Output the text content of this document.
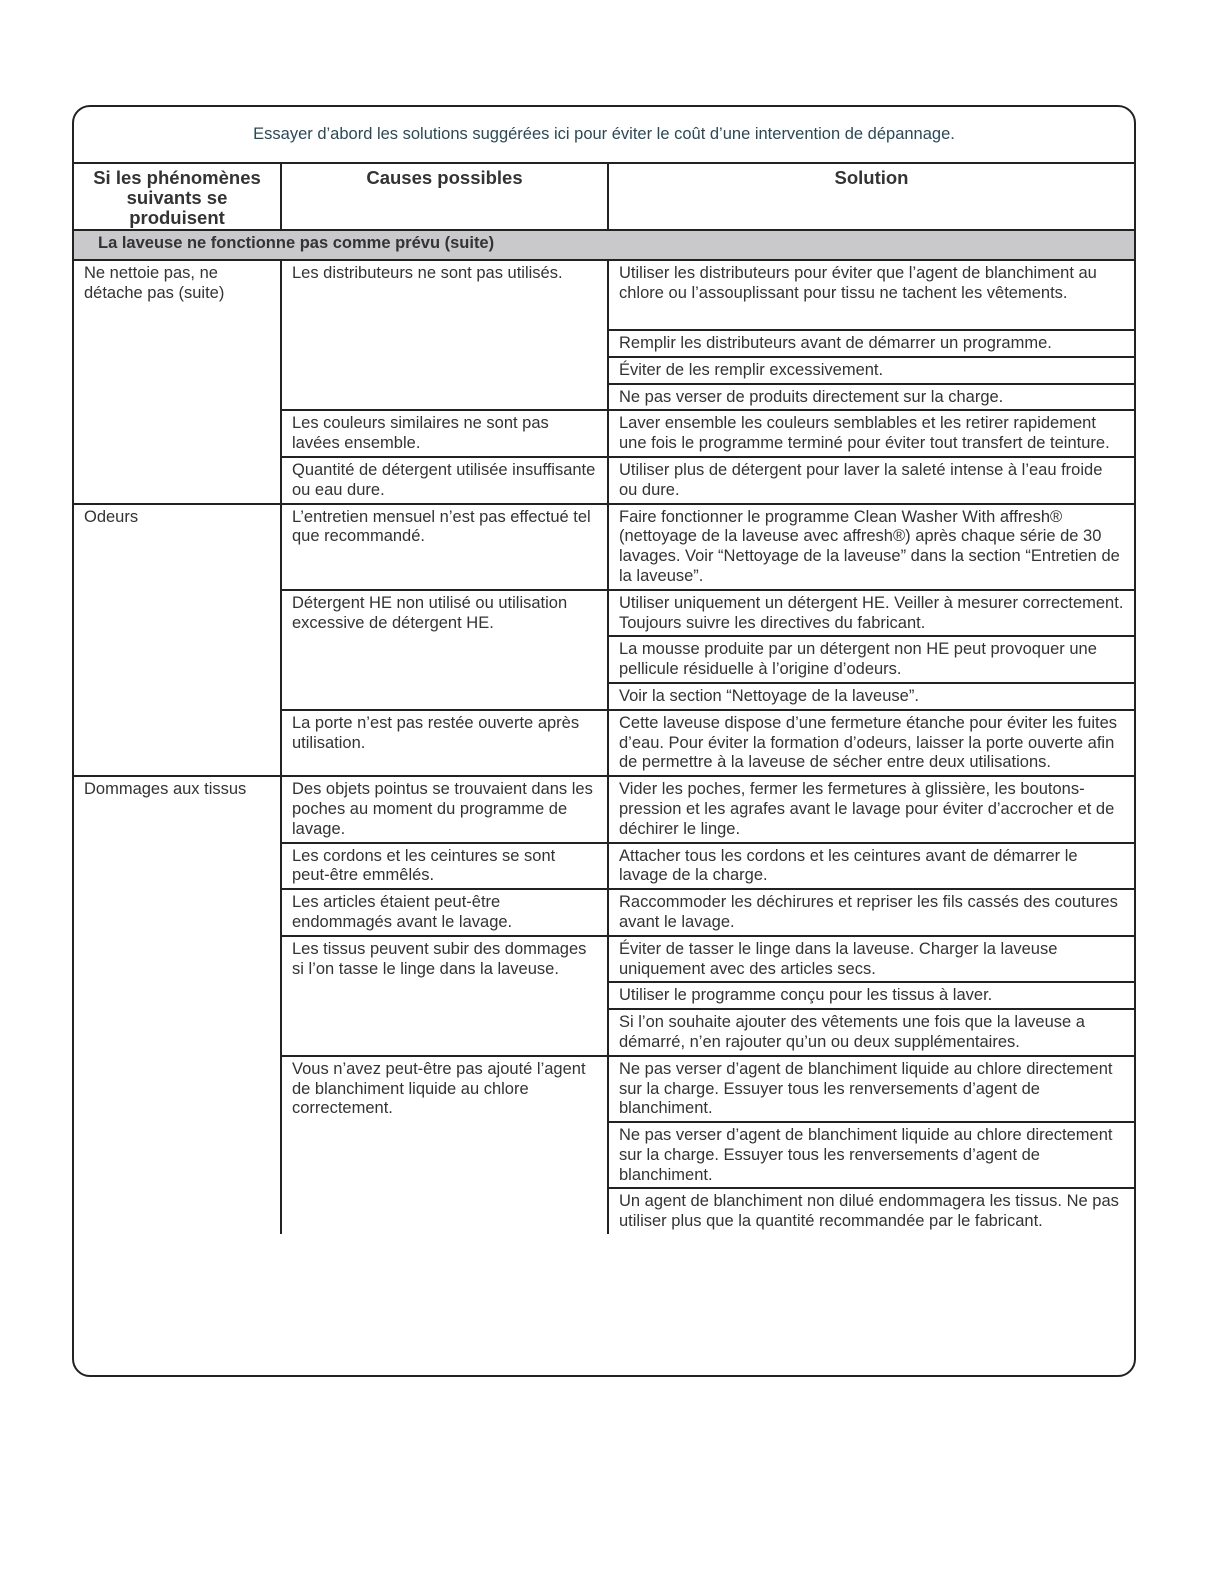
Essayer d’abord les solutions suggérées ici pour éviter le coût d’une intervention de dépannage.
Si les phénomènes suivants se produisent	Causes possibles	Solution
La laveuse ne fonctionne pas comme prévu (suite)		
Ne nettoie pas, ne détache pas (suite)	Les distributeurs ne sont pas utilisés.	Utiliser les distributeurs pour éviter que l’agent de blanchiment au chlore ou l’assouplissant pour tissu ne tachent les vêtements.
		Remplir les distributeurs avant de démarrer un programme.
		Éviter de les remplir excessivement.
		Ne pas verser de produits directement sur la charge.
	Les couleurs similaires ne sont pas lavées ensemble.	Laver ensemble les couleurs semblables et les retirer rapidement une fois le programme terminé pour éviter tout transfert de teinture.
	Quantité de détergent utilisée insuffisante ou eau dure.	Utiliser plus de détergent pour laver la saleté intense à l’eau froide ou dure.
Odeurs	L’entretien mensuel n’est pas effectué tel que recommandé.	Faire fonctionner le programme Clean Washer With affresh® (nettoyage de la laveuse avec affresh®) après chaque série de 30 lavages. Voir “Nettoyage de la laveuse” dans la section “Entretien de la laveuse”.
	Détergent HE non utilisé ou utilisation excessive de détergent HE.	Utiliser uniquement un détergent HE. Veiller à mesurer correctement. Toujours suivre les directives du fabricant.
		La mousse produite par un détergent non HE peut provoquer une pellicule résiduelle à l’origine d’odeurs.
		Voir la section “Nettoyage de la laveuse”.
	La porte n’est pas restée ouverte après utilisation.	Cette laveuse dispose d’une fermeture étanche pour éviter les fuites d’eau. Pour éviter la formation d’odeurs, laisser la porte ouverte afin de permettre à la laveuse de sécher entre deux utilisations.
Dommages aux tissus	Des objets pointus se trouvaient dans les poches au moment du programme de lavage.	Vider les poches, fermer les fermetures à glissière, les boutons-pression et les agrafes avant le lavage pour éviter d’accrocher et de déchirer le linge.
	Les cordons et les ceintures se sont peut-être emmêlés.	Attacher tous les cordons et les ceintures avant de démarrer le lavage de la charge.
	Les articles étaient peut-être endommagés avant le lavage.	Raccommoder les déchirures et repriser les fils cassés des coutures avant le lavage.
	Les tissus peuvent subir des dommages si l’on tasse le linge dans la laveuse.	Éviter de tasser le linge dans la laveuse. Charger la laveuse uniquement avec des articles secs.
		Utiliser le programme conçu pour les tissus à laver.
		Si l’on souhaite ajouter des vêtements une fois que la laveuse a démarré, n’en rajouter qu’un ou deux supplémentaires.
	Vous n’avez peut-être pas ajouté l’agent de blanchiment liquide au chlore correctement.	Ne pas verser d’agent de blanchiment liquide au chlore directement sur la charge. Essuyer tous les renversements d’agent de blanchiment.
		Ne pas verser d’agent de blanchiment liquide au chlore directement sur la charge. Essuyer tous les renversements d’agent de blanchiment.
		Un agent de blanchiment non dilué endommagera les tissus. Ne pas utiliser plus que la quantité recommandée par le fabricant.
